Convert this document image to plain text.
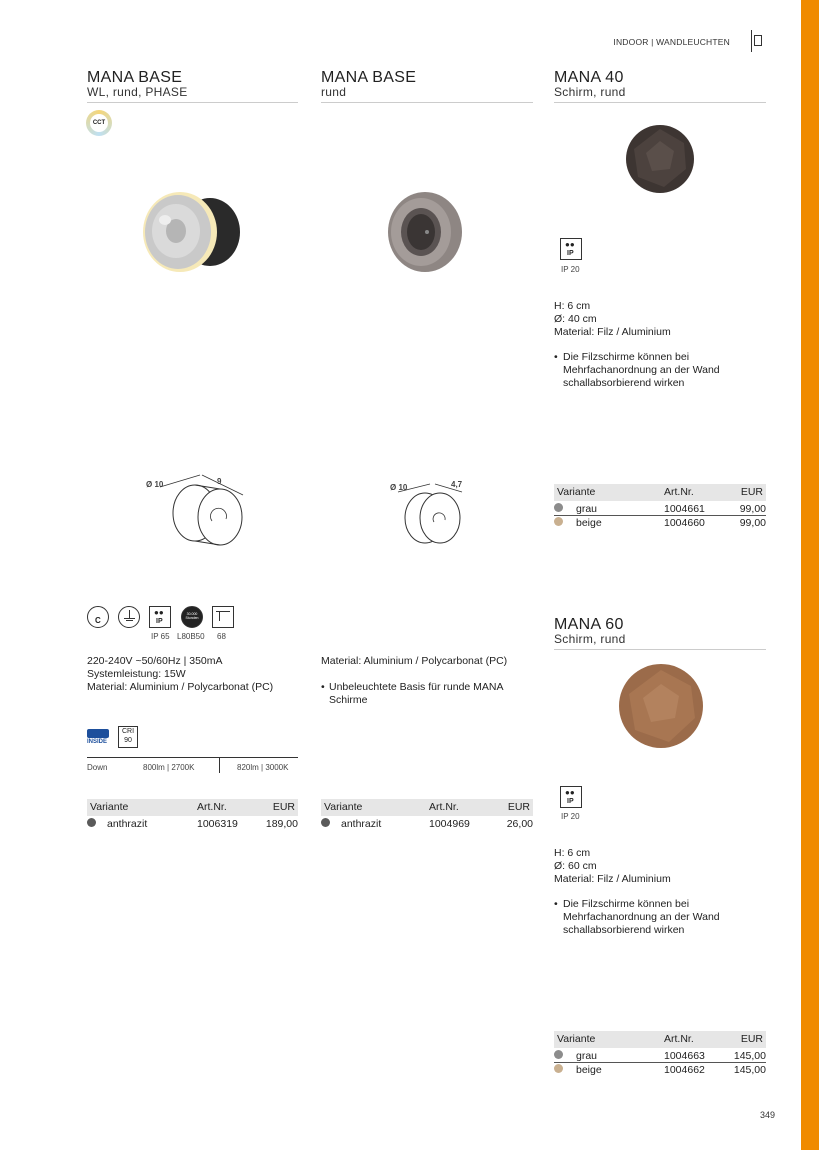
INDOOR | WANDLEUCHTEN
MANA BASE
WL, rund, PHASE
CCT
Ø 10	9
C
●●
IP
30.000 Stunden
IP 65 L80B50 68
220-240V ~50/60Hz | 350mA
Systemleistung: 15W
Material: Aluminium / Polycarbonat (PC)
INSIDE
CRI
90
Down	800lm | 2700K	820lm | 3000K
Variante	Art.Nr.	EUR
anthrazit	1006319	189,00
MANA BASE
rund
Ø 10	4,7
Material: Aluminium / Polycarbonat (PC)
• Unbeleuchtete Basis für runde MANA Schirme
Variante	Art.Nr.	EUR
anthrazit	1004969	26,00
MANA 40
Schirm, rund
●●
IP
IP 20
H: 6 cm
Ø: 40 cm
Material: Filz / Aluminium
• Die Filzschirme können bei Mehrfachanordnung an der Wand schallabsorbierend wirken
Variante	Art.Nr.	EUR
grau	1004661	99,00
beige	1004660	99,00
MANA 60
Schirm, rund
●●
IP
IP 20
H: 6 cm
Ø: 60 cm
Material: Filz / Aluminium
• Die Filzschirme können bei Mehrfachanordnung an der Wand schallabsorbierend wirken
Variante	Art.Nr.	EUR
grau	1004663	145,00
beige	1004662	145,00
349
